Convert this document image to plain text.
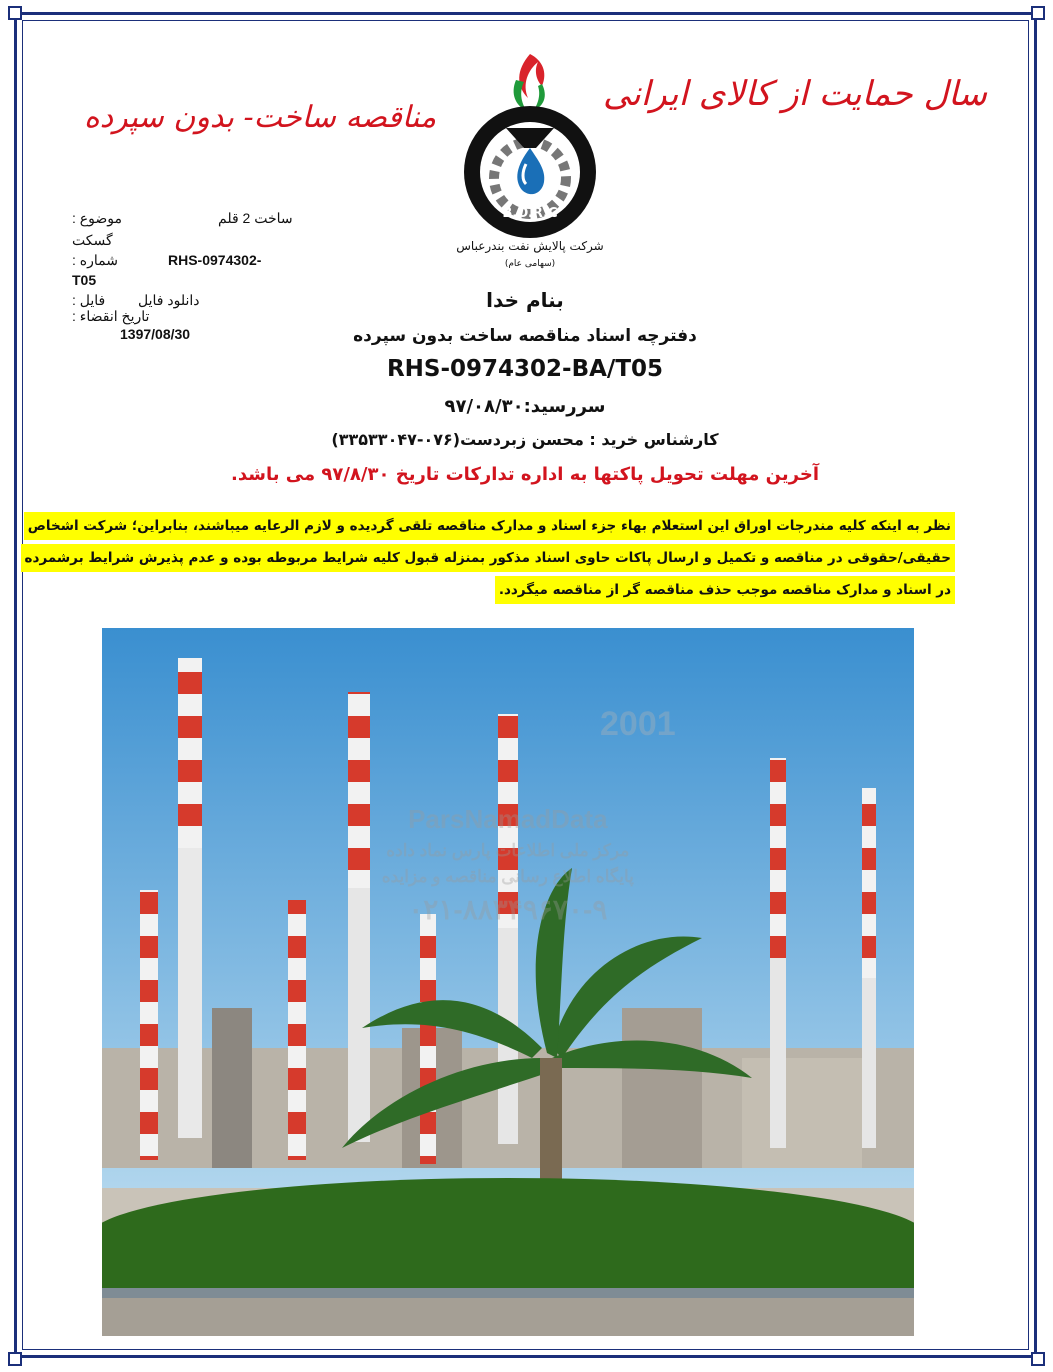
سال حمایت از کالای ایرانی
مناقصه ساخت- بدون سپرده
B.O.R.C
شرکت پالایش نفت بندرعباس
(سهامی عام)
موضوع :	ساخت 2 قلم
گسکت
شماره :	RHS-0974302-
T05
فایل : دانلود فایل
تاریخ انقضاء :
1397/08/30
بنام خدا
دفترچه اسناد مناقصه ساخت بدون سپرده
RHS-0974302-BA/T05
سررسید:۹۷/۰۸/۳۰
کارشناس خرید : محسن زبردست(۰۷۶-۳۳۵۳۳۰۴۷)
آخرین مهلت تحویل پاکتها به اداره تدارکات تاریخ ۹۷/۸/۳۰ می باشد.
نظر به اینکه کلیه مندرجات اوراق این استعلام بهاء جزء اسناد و مدارک مناقصه تلقی گردیده و لازم الرعایه میباشند، بنابراین؛ شرکت اشخاص
حقیقی/حقوقی در مناقصه و تکمیل و ارسال پاکات حاوی اسناد مذکور بمنزله قبول کلیه شرایط مربوطه بوده و عدم پذیرش شرایط برشمرده
در اسناد و مدارک مناقصه موجب حذف مناقصه گر از مناقصه میگردد.
2001
ParsNamadData
مرکز ملی اطلاعات پارس نماد داده
پایگاه اطلاع رسانی مناقصه و مزایده
۰۲۱-۸۸۳۴۹۶۷۰-۹
